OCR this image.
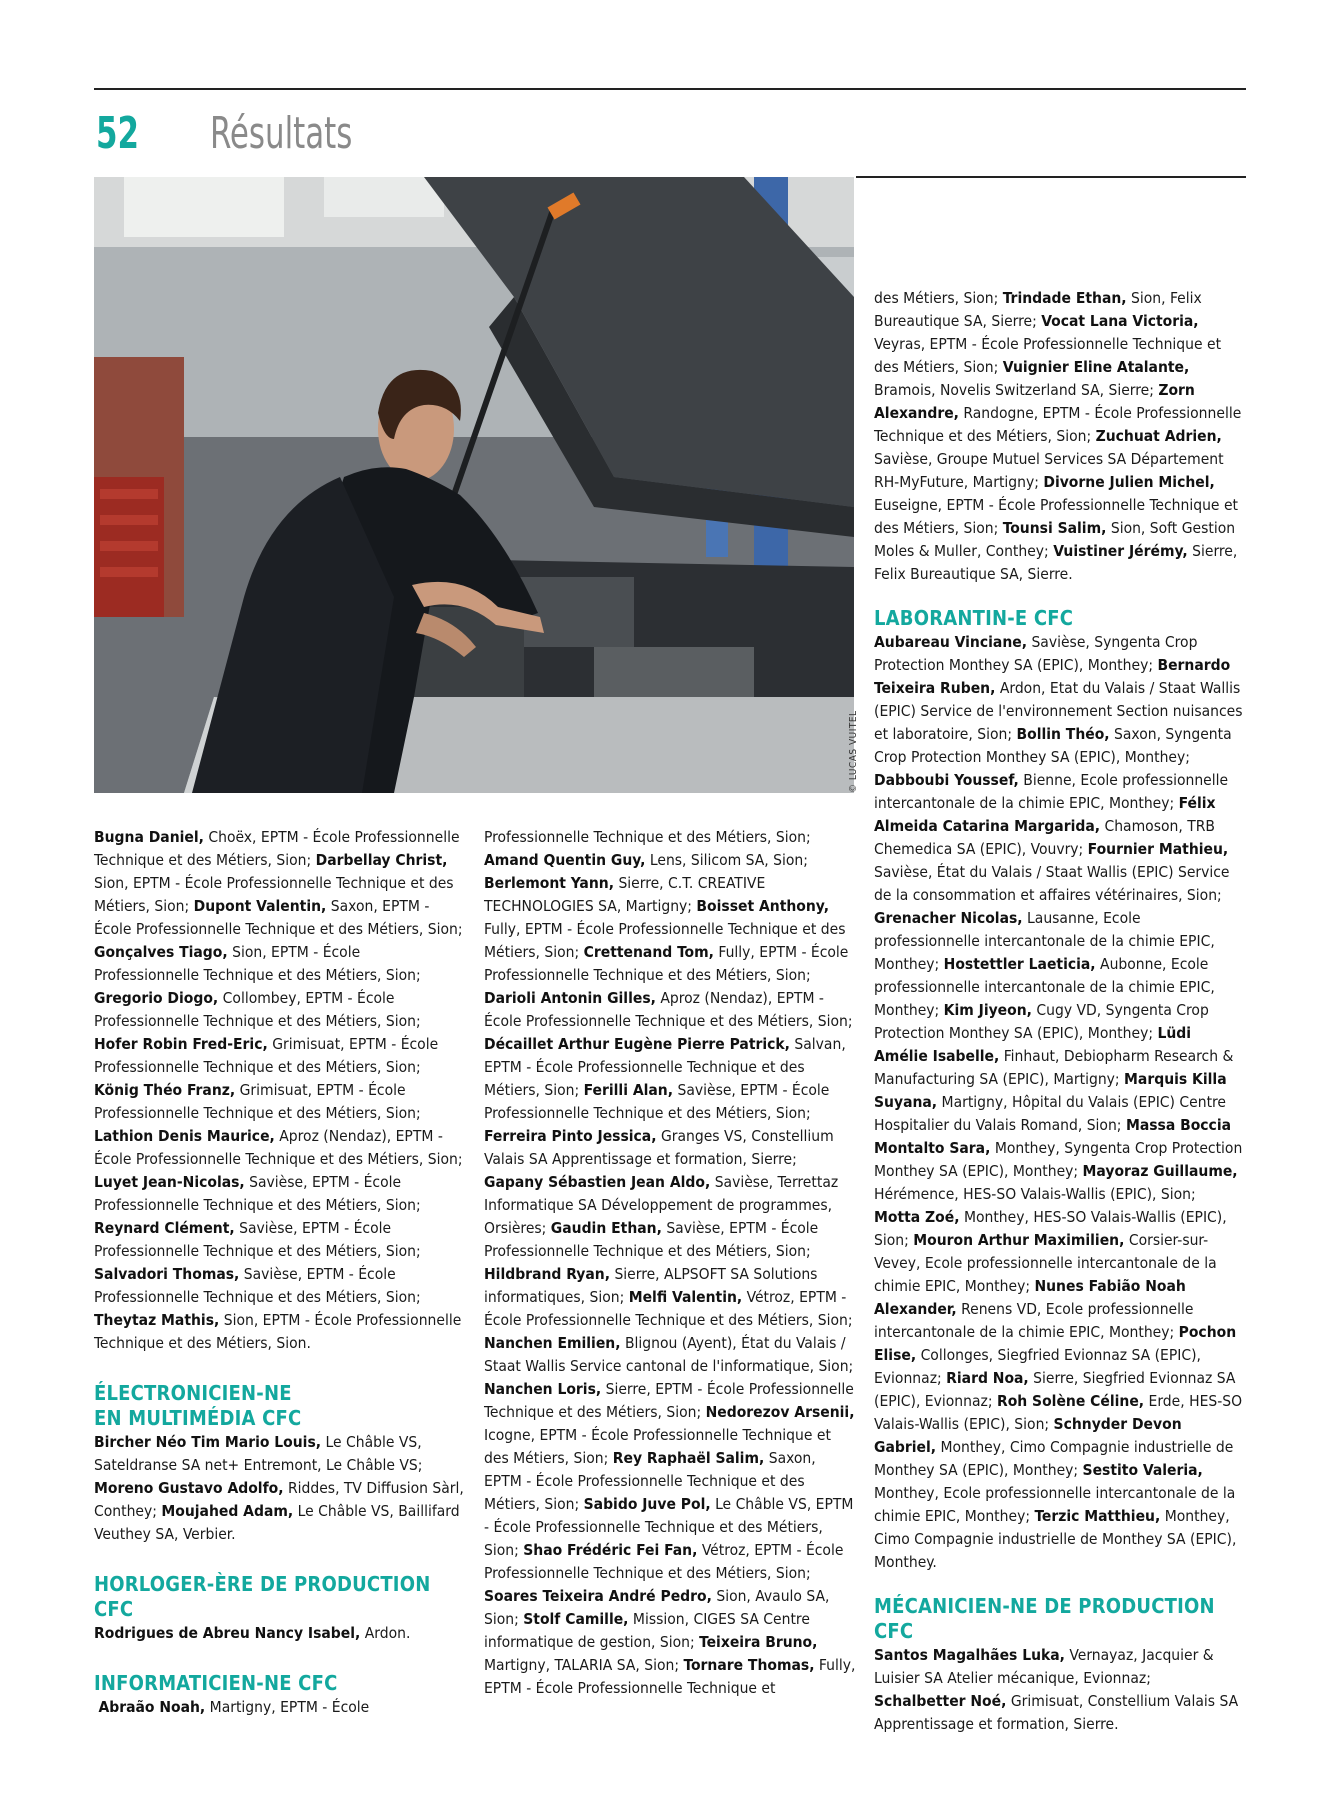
52 Résultats
© LUCAS VUITEL

Bugna Daniel, Choëx, EPTM - École Professionnelle Technique et des Métiers, Sion; Darbellay Christ, Sion, EPTM - École Professionnelle Technique et des Métiers, Sion; Dupont Valentin, Saxon, EPTM - École Professionnelle Technique et des Métiers, Sion; Gonçalves Tiago, Sion, EPTM - École Professionnelle Technique et des Métiers, Sion; Gregorio Diogo, Collombey, EPTM - École Professionnelle Technique et des Métiers, Sion; Hofer Robin Fred-Eric, Grimisuat, EPTM - École Professionnelle Technique et des Métiers, Sion; König Théo Franz, Grimisuat, EPTM - École Professionnelle Technique et des Métiers, Sion; Lathion Denis Maurice, Aproz (Nendaz), EPTM - École Professionnelle Technique et des Métiers, Sion; Luyet Jean-Nicolas, Savièse, EPTM - École Professionnelle Technique et des Métiers, Sion; Reynard Clément, Savièse, EPTM - École Professionnelle Technique et des Métiers, Sion; Salvadori Thomas, Savièse, EPTM - École Professionnelle Technique et des Métiers, Sion; Theytaz Mathis, Sion, EPTM - École Professionnelle Technique et des Métiers, Sion.

ÉLECTRONICIEN-NE EN MULTIMÉDIA CFC

Bircher Néo Tim Mario Louis, Le Châble VS, Sateldranse SA net+ Entremont, Le Châble VS; Moreno Gustavo Adolfo, Riddes, TV Diffusion Sàrl, Conthey; Moujahed Adam, Le Châble VS, Baillifard Veuthey SA, Verbier.

HORLOGER-ÈRE DE PRODUCTION CFC

Rodrigues de Abreu Nancy Isabel, Ardon.

INFORMATICIEN-NE CFC

Abraão Noah, Martigny, EPTM - École

Professionnelle Technique et des Métiers, Sion; Amand Quentin Guy, Lens, Silicom SA, Sion; Berlemont Yann, Sierre, C.T. CREATIVE TECHNOLOGIES SA, Martigny; Boisset Anthony, Fully, EPTM - École Professionnelle Technique et des Métiers, Sion; Crettenand Tom, Fully, EPTM - École Professionnelle Technique et des Métiers, Sion; Darioli Antonin Gilles, Aproz (Nendaz), EPTM - École Professionnelle Technique et des Métiers, Sion; Décaillet Arthur Eugène Pierre Patrick, Salvan, EPTM - École Professionnelle Technique et des Métiers, Sion; Ferilli Alan, Savièse, EPTM - École Professionnelle Technique et des Métiers, Sion; Ferreira Pinto Jessica, Granges VS, Constellium Valais SA Apprentissage et formation, Sierre; Gapany Sébastien Jean Aldo, Savièse, Terrettaz Informatique SA Développement de programmes, Orsières; Gaudin Ethan, Savièse, EPTM - École Professionnelle Technique et des Métiers, Sion; Hildbrand Ryan, Sierre, ALPSOFT SA Solutions informatiques, Sion; Melfi Valentin, Vétroz, EPTM - École Professionnelle Technique et des Métiers, Sion; Nanchen Emilien, Blignou (Ayent), État du Valais / Staat Wallis Service cantonal de l'informatique, Sion; Nanchen Loris, Sierre, EPTM - École Professionnelle Technique et des Métiers, Sion; Nedorezov Arsenii, Icogne, EPTM - École Professionnelle Technique et des Métiers, Sion; Rey Raphaël Salim, Saxon, EPTM - École Professionnelle Technique et des Métiers, Sion; Sabido Juve Pol, Le Châble VS, EPTM - École Professionnelle Technique et des Métiers, Sion; Shao Frédéric Fei Fan, Vétroz, EPTM - École Professionnelle Technique et des Métiers, Sion; Soares Teixeira André Pedro, Sion, Avaulo SA, Sion; Stolf Camille, Mission, CIGES SA Centre informatique de gestion, Sion; Teixeira Bruno, Martigny, TALARIA SA, Sion; Tornare Thomas, Fully, EPTM - École Professionnelle Technique et

des Métiers, Sion; Trindade Ethan, Sion, Felix Bureautique SA, Sierre; Vocat Lana Victoria, Veyras, EPTM - École Professionnelle Technique et des Métiers, Sion; Vuignier Eline Atalante, Bramois, Novelis Switzerland SA, Sierre; Zorn Alexandre, Randogne, EPTM - École Professionnelle Technique et des Métiers, Sion; Zuchuat Adrien, Savièse, Groupe Mutuel Services SA Département RH-MyFuture, Martigny; Divorne Julien Michel, Euseigne, EPTM - École Professionnelle Technique et des Métiers, Sion; Tounsi Salim, Sion, Soft Gestion Moles & Muller, Conthey; Vuistiner Jérémy, Sierre, Felix Bureautique SA, Sierre.

LABORANTIN-E CFC

Aubareau Vinciane, Savièse, Syngenta Crop Protection Monthey SA (EPIC), Monthey; Bernardo Teixeira Ruben, Ardon, Etat du Valais / Staat Wallis (EPIC) Service de l'environnement Section nuisances et laboratoire, Sion; Bollin Théo, Saxon, Syngenta Crop Protection Monthey SA (EPIC), Monthey; Dabboubi Youssef, Bienne, Ecole professionnelle intercantonale de la chimie EPIC, Monthey; Félix Almeida Catarina Margarida, Chamoson, TRB Chemedica SA (EPIC), Vouvry; Fournier Mathieu, Savièse, État du Valais / Staat Wallis (EPIC) Service de la consommation et affaires vétérinaires, Sion; Grenacher Nicolas, Lausanne, Ecole professionnelle intercantonale de la chimie EPIC, Monthey; Hostettler Laeticia, Aubonne, Ecole professionnelle intercantonale de la chimie EPIC, Monthey; Kim Jiyeon, Cugy VD, Syngenta Crop Protection Monthey SA (EPIC), Monthey; Lüdi Amélie Isabelle, Finhaut, Debiopharm Research & Manufacturing SA (EPIC), Martigny; Marquis Killa Suyana, Martigny, Hôpital du Valais (EPIC) Centre Hospitalier du Valais Romand, Sion; Massa Boccia Montalto Sara, Monthey, Syngenta Crop Protection Monthey SA (EPIC), Monthey; Mayoraz Guillaume, Hérémence, HES-SO Valais-Wallis (EPIC), Sion; Motta Zoé, Monthey, HES-SO Valais-Wallis (EPIC), Sion; Mouron Arthur Maximilien, Corsier-sur-Vevey, Ecole professionnelle intercantonale de la chimie EPIC, Monthey; Nunes Fabião Noah Alexander, Renens VD, Ecole professionnelle intercantonale de la chimie EPIC, Monthey; Pochon Elise, Collonges, Siegfried Evionnaz SA (EPIC), Evionnaz; Riard Noa, Sierre, Siegfried Evionnaz SA (EPIC), Evionnaz; Roh Solène Céline, Erde, HES-SO Valais-Wallis (EPIC), Sion; Schnyder Devon Gabriel, Monthey, Cimo Compagnie industrielle de Monthey SA (EPIC), Monthey; Sestito Valeria, Monthey, Ecole professionnelle intercantonale de la chimie EPIC, Monthey; Terzic Matthieu, Monthey, Cimo Compagnie industrielle de Monthey SA (EPIC), Monthey.

MÉCANICIEN-NE DE PRODUCTION CFC

Santos Magalhães Luka, Vernayaz, Jacquier & Luisier SA Atelier mécanique, Evionnaz; Schalbetter Noé, Grimisuat, Constellium Valais SA Apprentissage et formation, Sierre.
